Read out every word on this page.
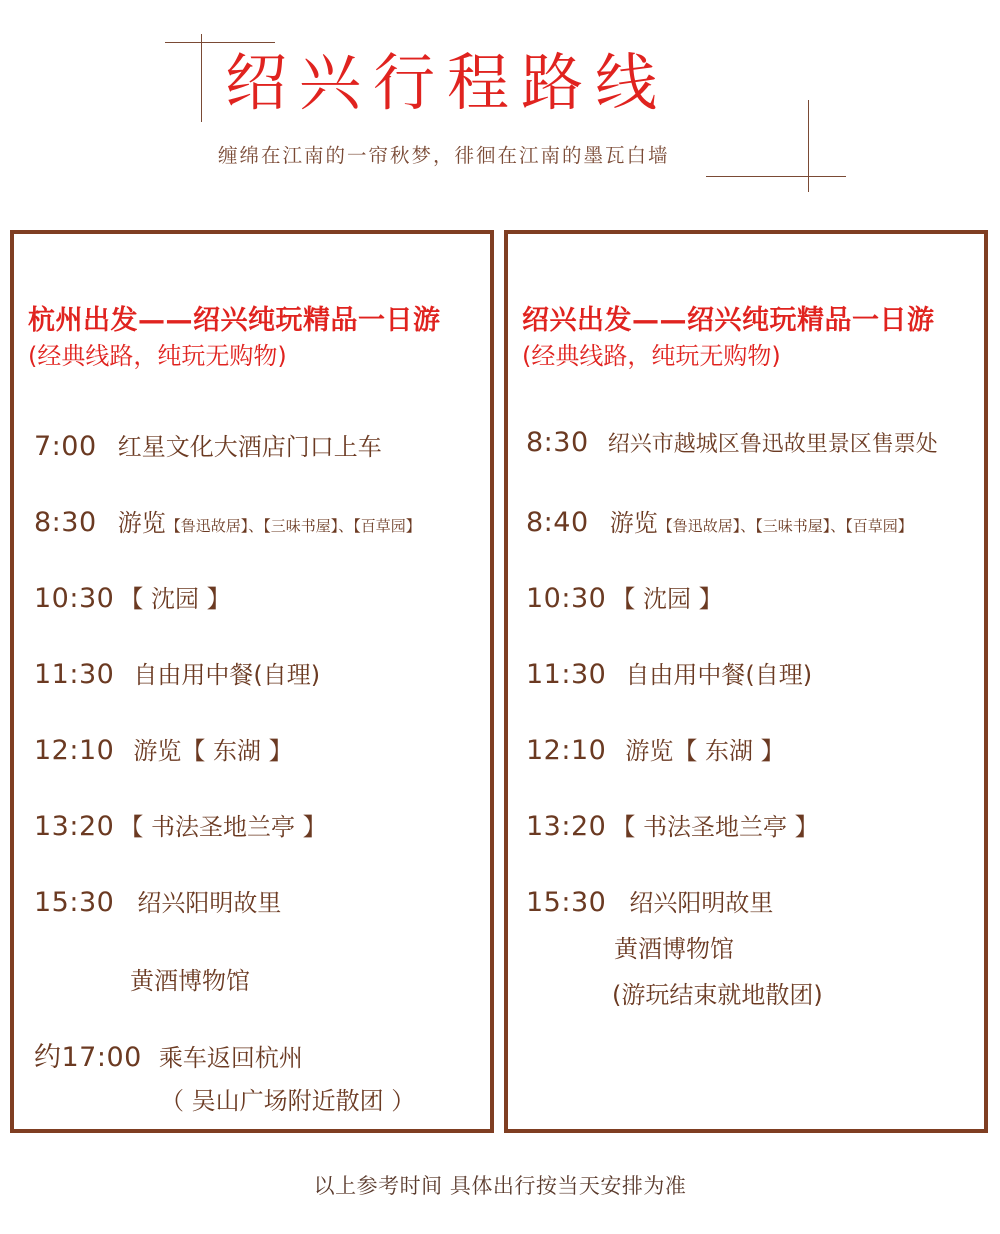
绍兴行程路线
缠绵在江南的一帘秋梦，徘徊在江南的墨瓦白墙
杭州出发——绍兴纯玩精品一日游
(经典线路，纯玩无购物)
7:00 红星文化大酒店门口上车
8:30 游览【鲁迅故居】、【三味书屋】、【百草园】
10:30 【 沈园 】
11:30 自由用中餐(自理)
12:10 游览【 东湖 】
13:20 【 书法圣地兰亭 】
15:30 绍兴阳明故里
黄酒博物馆
约17:00 乘车返回杭州
（ 吴山广场附近散团 ）
绍兴出发——绍兴纯玩精品一日游
(经典线路，纯玩无购物)
8:30 绍兴市越城区鲁迅故里景区售票处
8:40 游览【鲁迅故居】、【三味书屋】、【百草园】
10:30 【 沈园 】
11:30 自由用中餐(自理)
12:10 游览【 东湖 】
13:20 【 书法圣地兰亭 】
15:30 绍兴阳明故里
黄酒博物馆
(游玩结束就地散团)
以上参考时间 具体出行按当天安排为准
